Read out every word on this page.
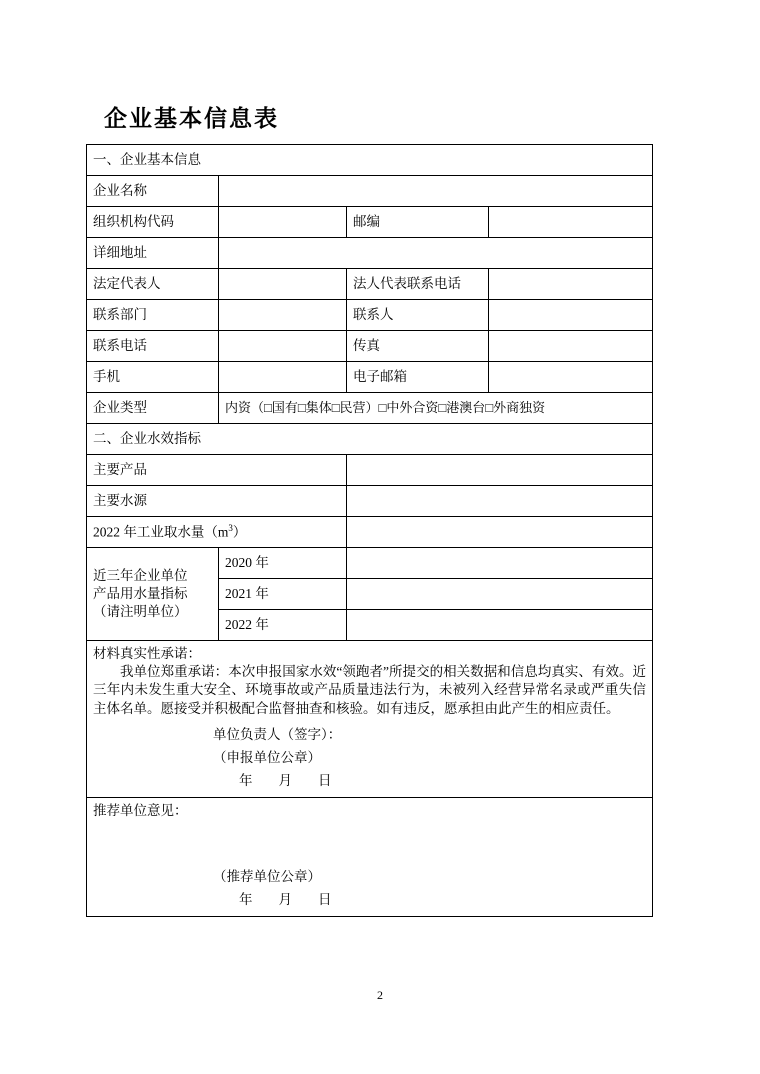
企业基本信息表
一、企业基本信息			
企业名称			
组织机构代码		邮编	
详细地址			
法定代表人		法人代表联系电话	
联系部门		联系人	
联系电话		传真	
手机		电子邮箱	
企业类型	内资（□国有□集体□民营）□中外合资□港澳台□外商独资		
二、企业水效指标			
主要产品			
主要水源			
2022 年工业取水量$(m^3)$			

近三年企业单位
产品用水量指标
（请注明单位）	2020 年		
	2021 年		
	2022 年		

材料真实性承诺：

我单位郑重承诺：本次申报国家水效“领跑者”所提交的相关数据和信息均真实、有效。近三年内未发生重大安全、环境事故或产品质量违法行为，未被列入经营异常名录或严重失信主体名单。愿接受并积极配合监督抽查和核验。如有违反，愿承担由此产生的相应责任。

单位负责人（签字）：
（申报单位公章）
年 月 日			

推荐单位意见：
（推荐单位公章）
年 月 日			
2
